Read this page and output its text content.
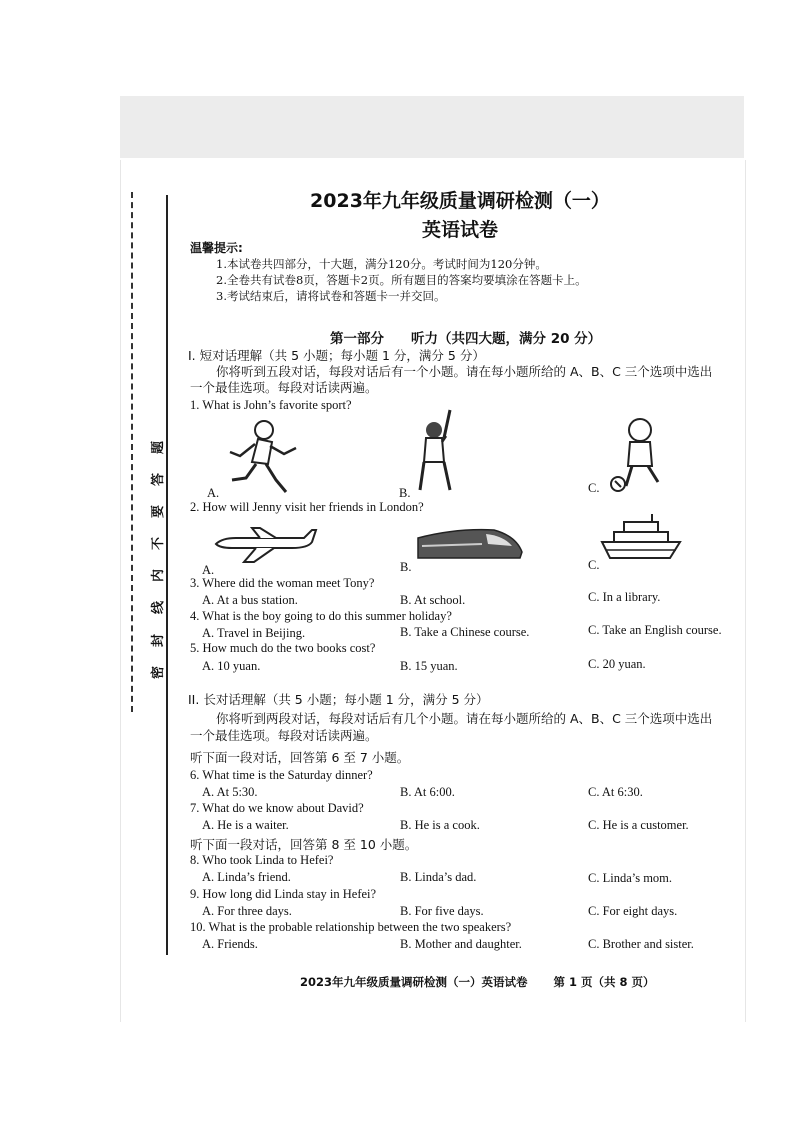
密
封
线
内
不
要
答
题
2023年九年级质量调研检测（一）
英语试卷
温馨提示:
1.本试卷共四部分，十大题，满分120分。考试时间为120分钟。
2.全卷共有试卷8页，答题卡2页。所有题目的答案均要填涂在答题卡上。
3.考试结束后，请将试卷和答题卡一并交回。
第一部分　　听力（共四大题，满分 20 分）
I. 短对话理解（共 5 小题；每小题 1 分，满分 5 分）
你将听到五段对话，每段对话后有一个小题。请在每小题所给的 A、B、C 三个选项中选出
一个最佳选项。每段对话读两遍。
1. What is John’s favorite sport?
A.	B.	C.
2. How will Jenny visit her friends in London?
A.	B.	C.
3. Where did the woman meet Tony?
A. At a bus station.	B. At school.	C. In a library.
4. What is the boy going to do this summer holiday?
A. Travel in Beijing.	B. Take a Chinese course.	C. Take an English course.
5. How much do the two books cost?
A. 10 yuan.	B. 15 yuan.	C. 20 yuan.
II. 长对话理解（共 5 小题；每小题 1 分，满分 5 分）
你将听到两段对话，每段对话后有几个小题。请在每小题所给的 A、B、C 三个选项中选出
一个最佳选项。每段对话读两遍。
听下面一段对话，回答第 6 至 7 小题。
6. What time is the Saturday dinner?
A. At 5:30.	B. At 6:00.	C. At 6:30.
7. What do we know about David?
A. He is a waiter.	B. He is a cook.	C. He is a customer.
听下面一段对话，回答第 8 至 10 小题。
8. Who took Linda to Hefei?
A. Linda’s friend.	B. Linda’s dad.	C. Linda’s mom.
9. How long did Linda stay in Hefei?
A. For three days.	B. For five days.	C. For eight days.
10. What is the probable relationship between the two speakers?
A. Friends.	B. Mother and daughter.	C. Brother and sister.
2023年九年级质量调研检测（一）英语试卷 第 1 页（共 8 页）
